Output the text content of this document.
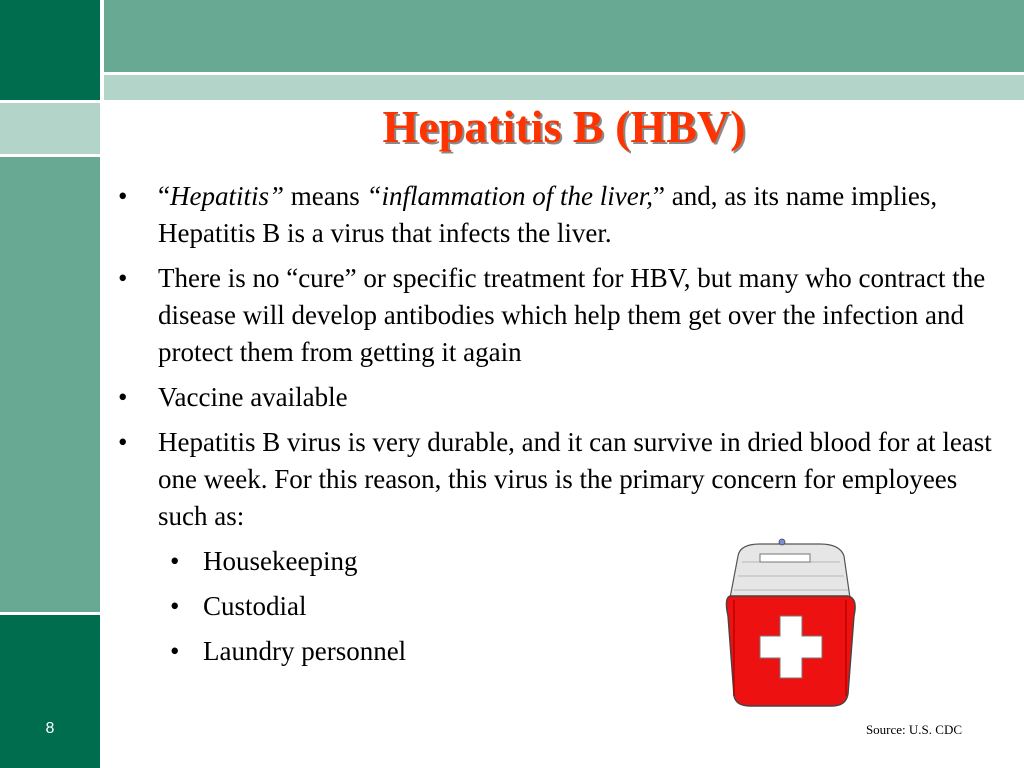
8
Hepatitis B (HBV)
• “Hepatitis” means “inflammation of the liver,” and, as its name implies, Hepatitis B is a virus that infects the liver.
• There is no “cure” or specific treatment for HBV, but many who contract the disease will develop antibodies which help them get over the infection and protect them from getting it again
• Vaccine available
• Hepatitis B virus is very durable, and it can survive in dried blood for at least one week. For this reason, this virus is the primary concern for employees such as:
• Housekeeping
• Custodial
• Laundry personnel
Source: U.S. CDC
